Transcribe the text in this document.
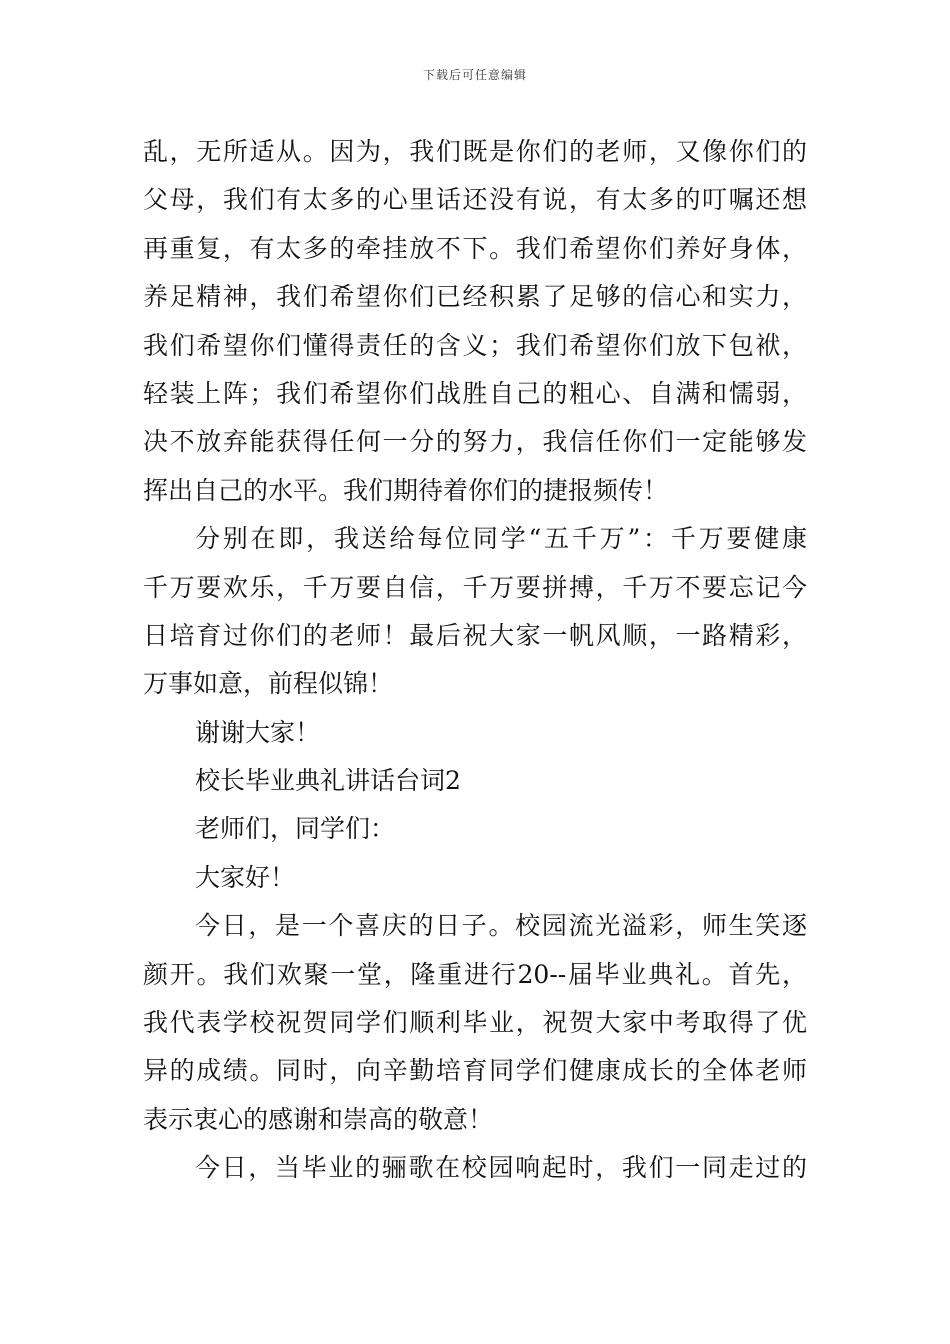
下载后可任意编辑
乱，无所适从。因为，我们既是你们的老师，又像你们的
父母，我们有太多的心里话还没有说，有太多的叮嘱还想
再重复，有太多的牵挂放不下。我们希望你们养好身体，
养足精神，我们希望你们已经积累了足够的信心和实力，
我们希望你们懂得责任的含义；我们希望你们放下包袱，
轻装上阵；我们希望你们战胜自己的粗心、自满和懦弱，
决不放弃能获得任何一分的努力，我信任你们一定能够发
挥出自己的水平。我们期待着你们的捷报频传！
分别在即，我送给每位同学“五千万”：千万要健康
千万要欢乐，千万要自信，千万要拼搏，千万不要忘记今
日培育过你们的老师！最后祝大家一帆风顺，一路精彩，
万事如意，前程似锦！
谢谢大家！
校长毕业典礼讲话台词2
老师们，同学们：
大家好！
今日，是一个喜庆的日子。校园流光溢彩，师生笑逐
颜开。我们欢聚一堂，隆重进行20--届毕业典礼。首先，
我代表学校祝贺同学们顺利毕业，祝贺大家中考取得了优
异的成绩。同时，向辛勤培育同学们健康成长的全体老师
表示衷心的感谢和崇高的敬意！
今日，当毕业的骊歌在校园响起时，我们一同走过的
